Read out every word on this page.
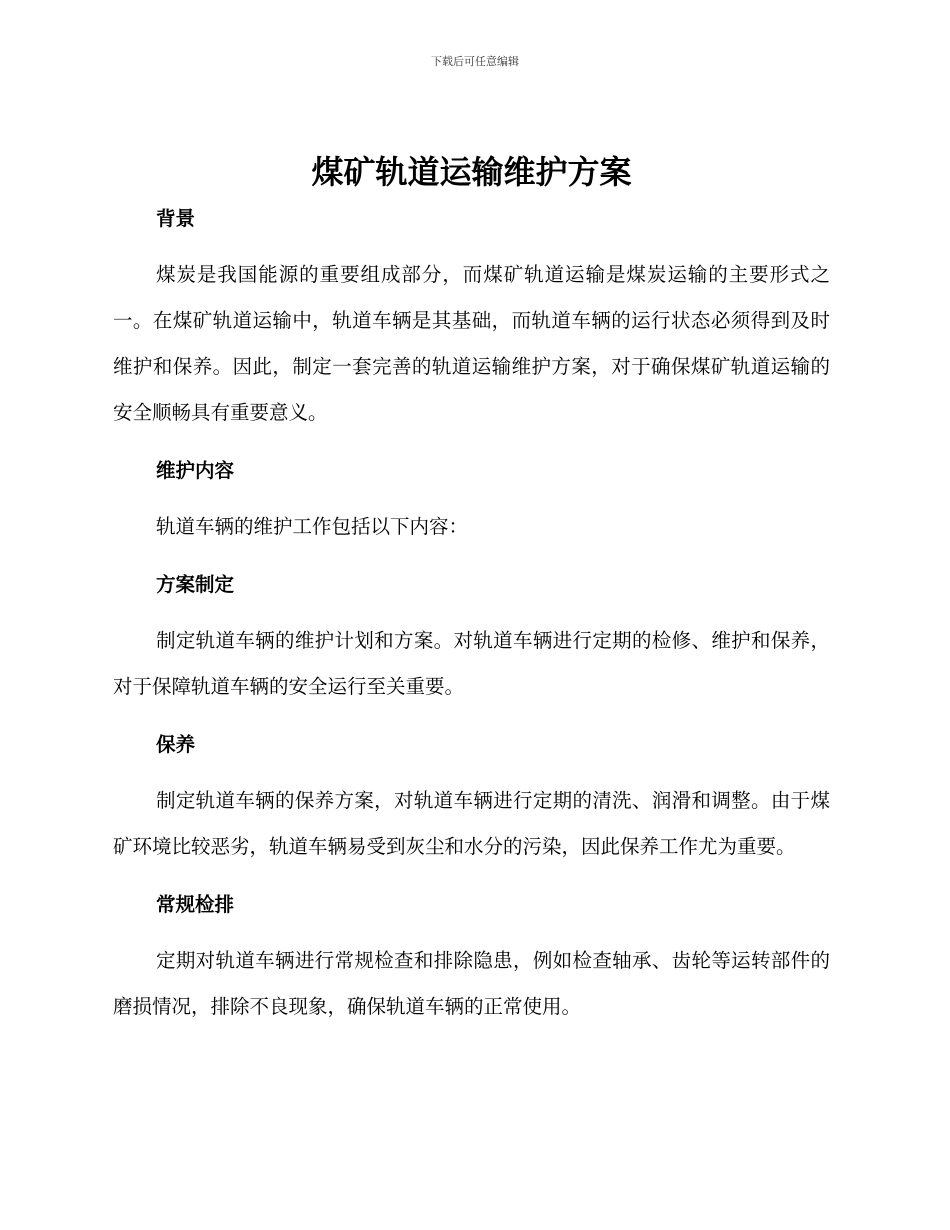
下载后可任意编辑
煤矿轨道运输维护方案
背景

煤炭是我国能源的重要组成部分，而煤矿轨道运输是煤炭运输的主要形式之一。在煤矿轨道运输中，轨道车辆是其基础，而轨道车辆的运行状态必须得到及时维护和保养。因此，制定一套完善的轨道运输维护方案，对于确保煤矿轨道运输的安全顺畅具有重要意义。

维护内容

轨道车辆的维护工作包括以下内容：

方案制定

制定轨道车辆的维护计划和方案。对轨道车辆进行定期的检修、维护和保养，对于保障轨道车辆的安全运行至关重要。

保养

制定轨道车辆的保养方案，对轨道车辆进行定期的清洗、润滑和调整。由于煤矿环境比较恶劣，轨道车辆易受到灰尘和水分的污染，因此保养工作尤为重要。

常规检排

定期对轨道车辆进行常规检查和排除隐患，例如检查轴承、齿轮等运转部件的磨损情况，排除不良现象，确保轨道车辆的正常使用。
